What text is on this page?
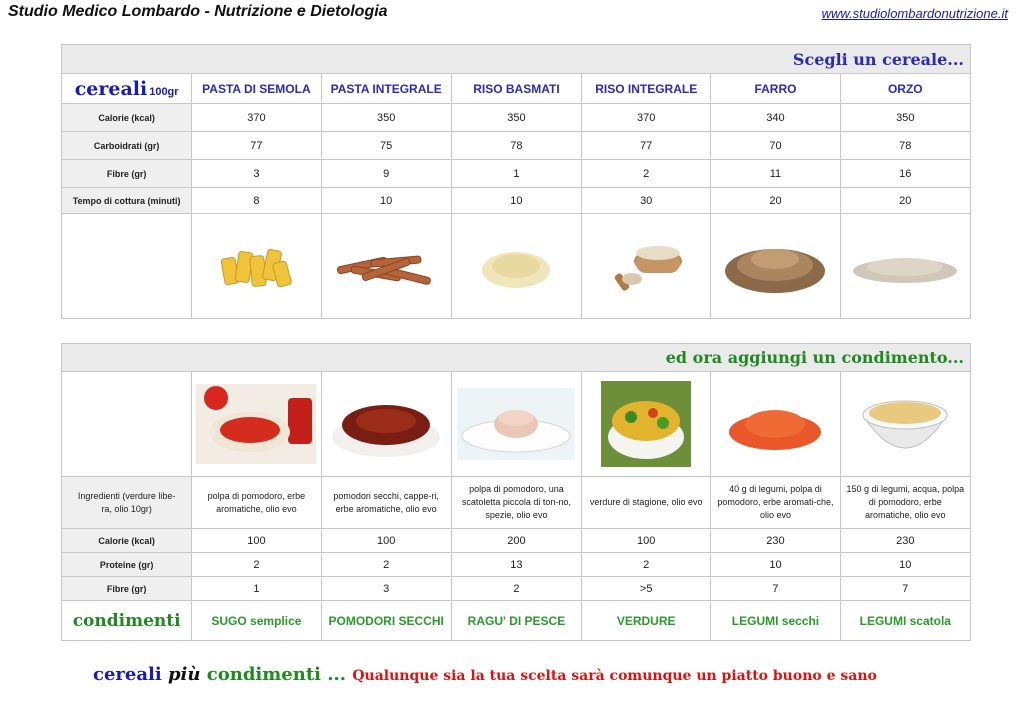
Studio Medico Lombardo - Nutrizione e Dietologia	www.studiolombardonutrizione.it
Scegli un cereale...						
cereali 100gr	PASTA DI SEMOLA	PASTA INTEGRALE	RISO BASMATI	RISO INTEGRALE	FARRO	ORZO
Calorie (kcal)	370	350	350	370	340	350
Carboidrati (gr)	77	75	78	77	70	78
Fibre (gr)	3	9	1	2	11	16
Tempo di cottura (minuti)	8	10	10	30	20	20

ed ora aggiungi un condimento...						

Ingredienti (verdure libe-
ra, olio 10gr)	polpa di pomodoro, erbe aromatiche, olio evo	pomodori secchi, cappe-ri, erbe aromatiche, olio evo	polpa di pomodoro, una scatoletta piccola di ton-no, spezie, olio evo	verdure di stagione, olio evo	40 g di legumi, polpa di pomodoro, erbe aromati-che, olio evo	150 g di legumi, acqua, polpa di pomodoro, erbe aromatiche, olio evo
Calorie (kcal)	100	100	200	100	230	230
Proteine (gr)	2	2	13	2	10	10
Fibre (gr)	1	3	2	>5	7	7
condimenti	SUGO semplice	POMODORI SECCHI	RAGU' DI PESCE	VERDURE	LEGUMI secchi	LEGUMI scatola
cereali più condimenti ... Qualunque sia la tua scelta sarà comunque un piatto buono e sano
